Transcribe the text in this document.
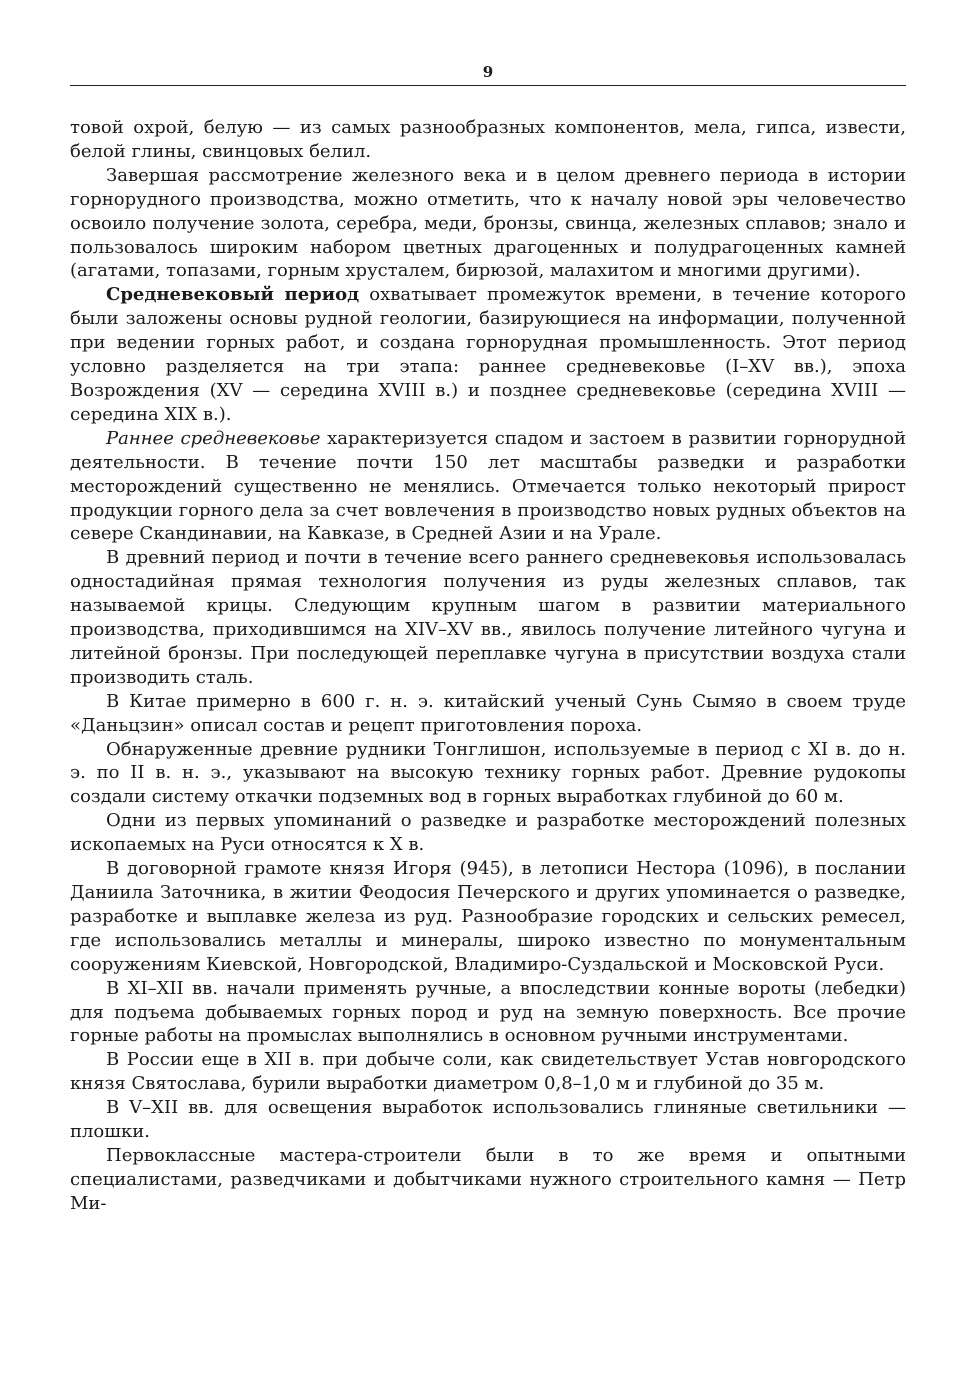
9

товой охрой, белую — из самых разнообразных компонентов, мела, гипса, извести, белой глины, свинцовых белил.

Завершая рассмотрение железного века и в целом древнего периода в истории горнорудного производства, можно отметить, что к началу новой эры человечество освоило получение золота, серебра, меди, бронзы, свинца, железных сплавов; знало и пользовалось широким набором цветных драгоценных и полудрагоценных камней (агатами, топазами, горным хрусталем, бирюзой, малахитом и многими другими).

Средневековый период охватывает промежуток времени, в течение которого были заложены основы рудной геологии, базирующиеся на информации, полученной при ведении горных работ, и создана горнорудная промышленность. Этот период условно разделяется на три этапа: раннее средневековье (I–XV вв.), эпоха Возрождения (XV — середина XVIII в.) и позднее средневековье (середина XVIII — середина XIX в.).

Раннее средневековье характеризуется спадом и застоем в развитии горнорудной деятельности. В течение почти 150 лет масштабы разведки и разработки месторождений существенно не менялись. Отмечается только некоторый прирост продукции горного дела за счет вовлечения в производство новых рудных объектов на севере Скандинавии, на Кавказе, в Средней Азии и на Урале.

В древний период и почти в течение всего раннего средневековья использовалась одностадийная прямая технология получения из руды железных сплавов, так называемой крицы. Следующим крупным шагом в развитии материального производства, приходившимся на XIV–XV вв., явилось получение литейного чугуна и литейной бронзы. При последующей переплавке чугуна в присутствии воздуха стали производить сталь.

В Китае примерно в 600 г. н. э. китайский ученый Сунь Сымяо в своем труде «Даньцзин» описал состав и рецепт приготовления пороха.

Обнаруженные древние рудники Тонглишон, используемые в период с XI в. до н. э. по II в. н. э., указывают на высокую технику горных работ. Древние рудокопы создали систему откачки подземных вод в горных выработках глубиной до 60 м.

Одни из первых упоминаний о разведке и разработке месторождений полезных ископаемых на Руси относятся к X в.

В договорной грамоте князя Игоря (945), в летописи Нестора (1096), в послании Даниила Заточника, в житии Феодосия Печерского и других упоминается о разведке, разработке и выплавке железа из руд. Разнообразие городских и сельских ремесел, где использовались металлы и минералы, широко известно по монументальным сооружениям Киевской, Новгородской, Владимиро-Суздальской и Московской Руси.

В XI–XII вв. начали применять ручные, а впоследствии конные вороты (лебедки) для подъема добываемых горных пород и руд на земную поверхность. Все прочие горные работы на промыслах выполнялись в основном ручными инструментами.

В России еще в XII в. при добыче соли, как свидетельствует Устав новгородского князя Святослава, бурили выработки диаметром 0,8–1,0 м и глубиной до 35 м.

В V–XII вв. для освещения выработок использовались глиняные светильники — плошки.

Первоклассные мастера-строители были в то же время и опытными специалистами, разведчиками и добытчиками нужного строительного камня — Петр Ми-
